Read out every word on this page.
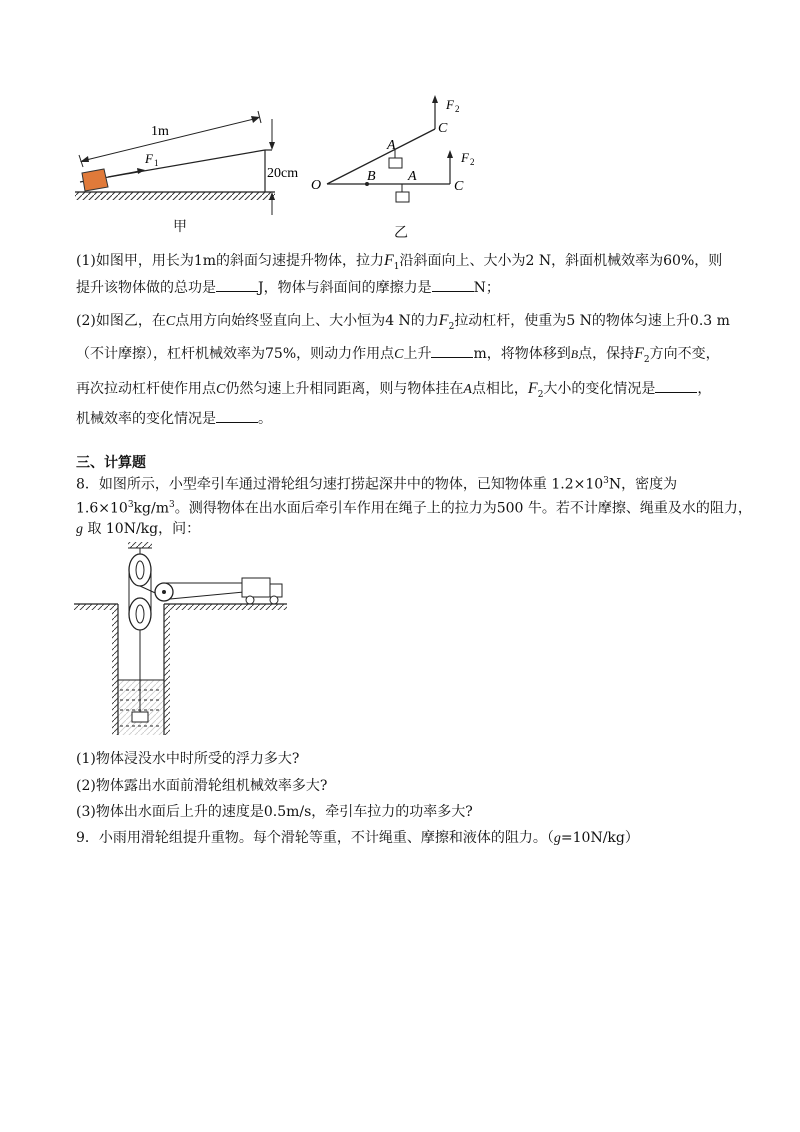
F 1
1m
20cm
甲
O
F 2
C
F 2
C
A
B A
乙
(1)如图甲，用长为1m的斜面匀速提升物体，拉力$F_1$沿斜面向上、大小为2 N，斜面机械效率为60%，则
提升该物体做的总功是	J，物体与斜面间的摩擦力是	N；
(2)如图乙，在C点用方向始终竖直向上、大小恒为4 N的力$F_2$拉动杠杆，使重为5 N的物体匀速上升0.3 m
（不计摩擦），杠杆机械效率为75%，则动力作用点C上升	m，将物体移到B点，保持$F_2$方向不变，
再次拉动杠杆使作用点C仍然匀速上升相同距离，则与物体挂在A点相比，$F_2$大小的变化情况是	，
机械效率的变化情况是	。
三、计算题
8．如图所示，小型牵引车通过滑轮组匀速打捞起深井中的物体，已知物体重 $1.2\times 10^3N$，密度为
$1.6\times 10^3kg/m^3$。测得物体在出水面后牵引车作用在绳子上的拉力为500 牛。若不计摩擦、绳重及水的阻力，
g 取 10N/kg，问：
(1)物体浸没水中时所受的浮力多大?
(2)物体露出水面前滑轮组机械效率多大?
(3)物体出水面后上升的速度是0.5m/s，牵引车拉力的功率多大?
9．小雨用滑轮组提升重物。每个滑轮等重，不计绳重、摩擦和液体的阻力。（g=10N/kg）
